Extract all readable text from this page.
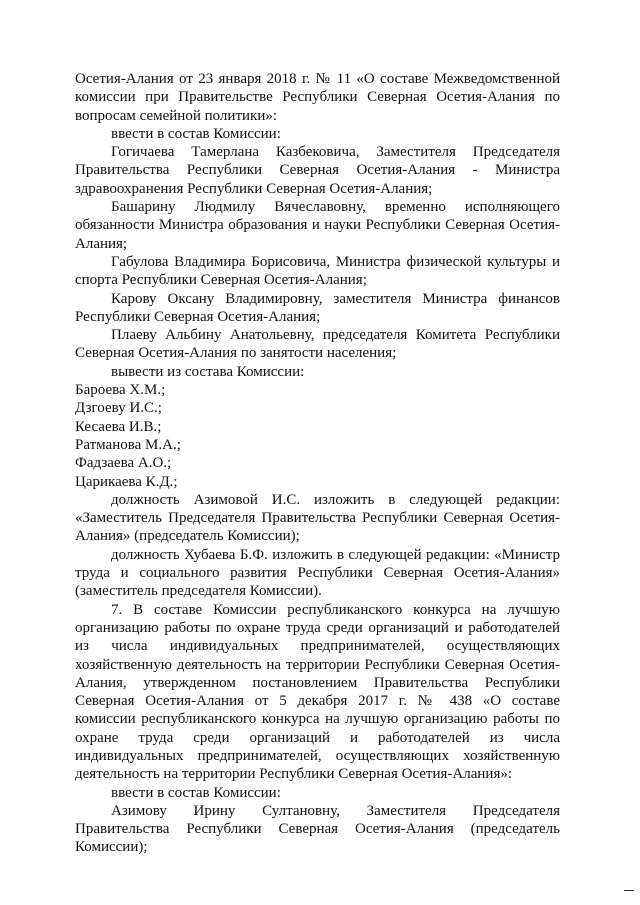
Осетия-Алания от 23 января 2018 г. № 11 «О составе Межведомственной

комиссии при Правительстве Республики Северная Осетия-Алания по

вопросам семейной политики»:

ввести в состав Комиссии:

Гогичаева Тамерлана Казбековича, Заместителя Председателя

Правительства Республики Северная Осетия-Алания - Министра

здравоохранения Республики Северная Осетия-Алания;

Башарину Людмилу Вячеславовну, временно исполняющего

обязанности Министра образования и науки Республики Северная Осетия-

Алания;

Габулова Владимира Борисовича, Министра физической культуры и

спорта Республики Северная Осетия-Алания;

Карову Оксану Владимировну, заместителя Министра финансов

Республики Северная Осетия-Алания;

Плаеву Альбину Анатольевну, председателя Комитета Республики

Северная Осетия-Алания по занятости населения;

вывести из состава Комиссии:

Бароева Х.М.;

Дзгоеву И.С.;

Кесаева И.В.;

Ратманова М.А.;

Фадзаева А.О.;

Царикаева К.Д.;

должность Азимовой И.С. изложить в следующей редакции:

«Заместитель Председателя Правительства Республики Северная Осетия-

Алания» (председатель Комиссии);

должность Хубаева Б.Ф. изложить в следующей редакции: «Министр

труда и социального развития Республики Северная Осетия-Алания»

(заместитель председателя Комиссии).

7. В составе Комиссии республиканского конкурса на лучшую

организацию работы по охране труда среди организаций и работодателей

из числа индивидуальных предпринимателей, осуществляющих

хозяйственную деятельность на территории Республики Северная Осетия-

Алания, утвержденном постановлением Правительства Республики

Северная Осетия-Алания от 5 декабря 2017 г. № 438 «О составе

комиссии республиканского конкурса на лучшую организацию работы по

охране труда среди организаций и работодателей из числа

индивидуальных предпринимателей, осуществляющих хозяйственную

деятельность на территории Республики Северная Осетия-Алания»:

ввести в состав Комиссии:

Азимову Ирину Султановну, Заместителя Председателя

Правительства Республики Северная Осетия-Алания (председатель

Комиссии);
